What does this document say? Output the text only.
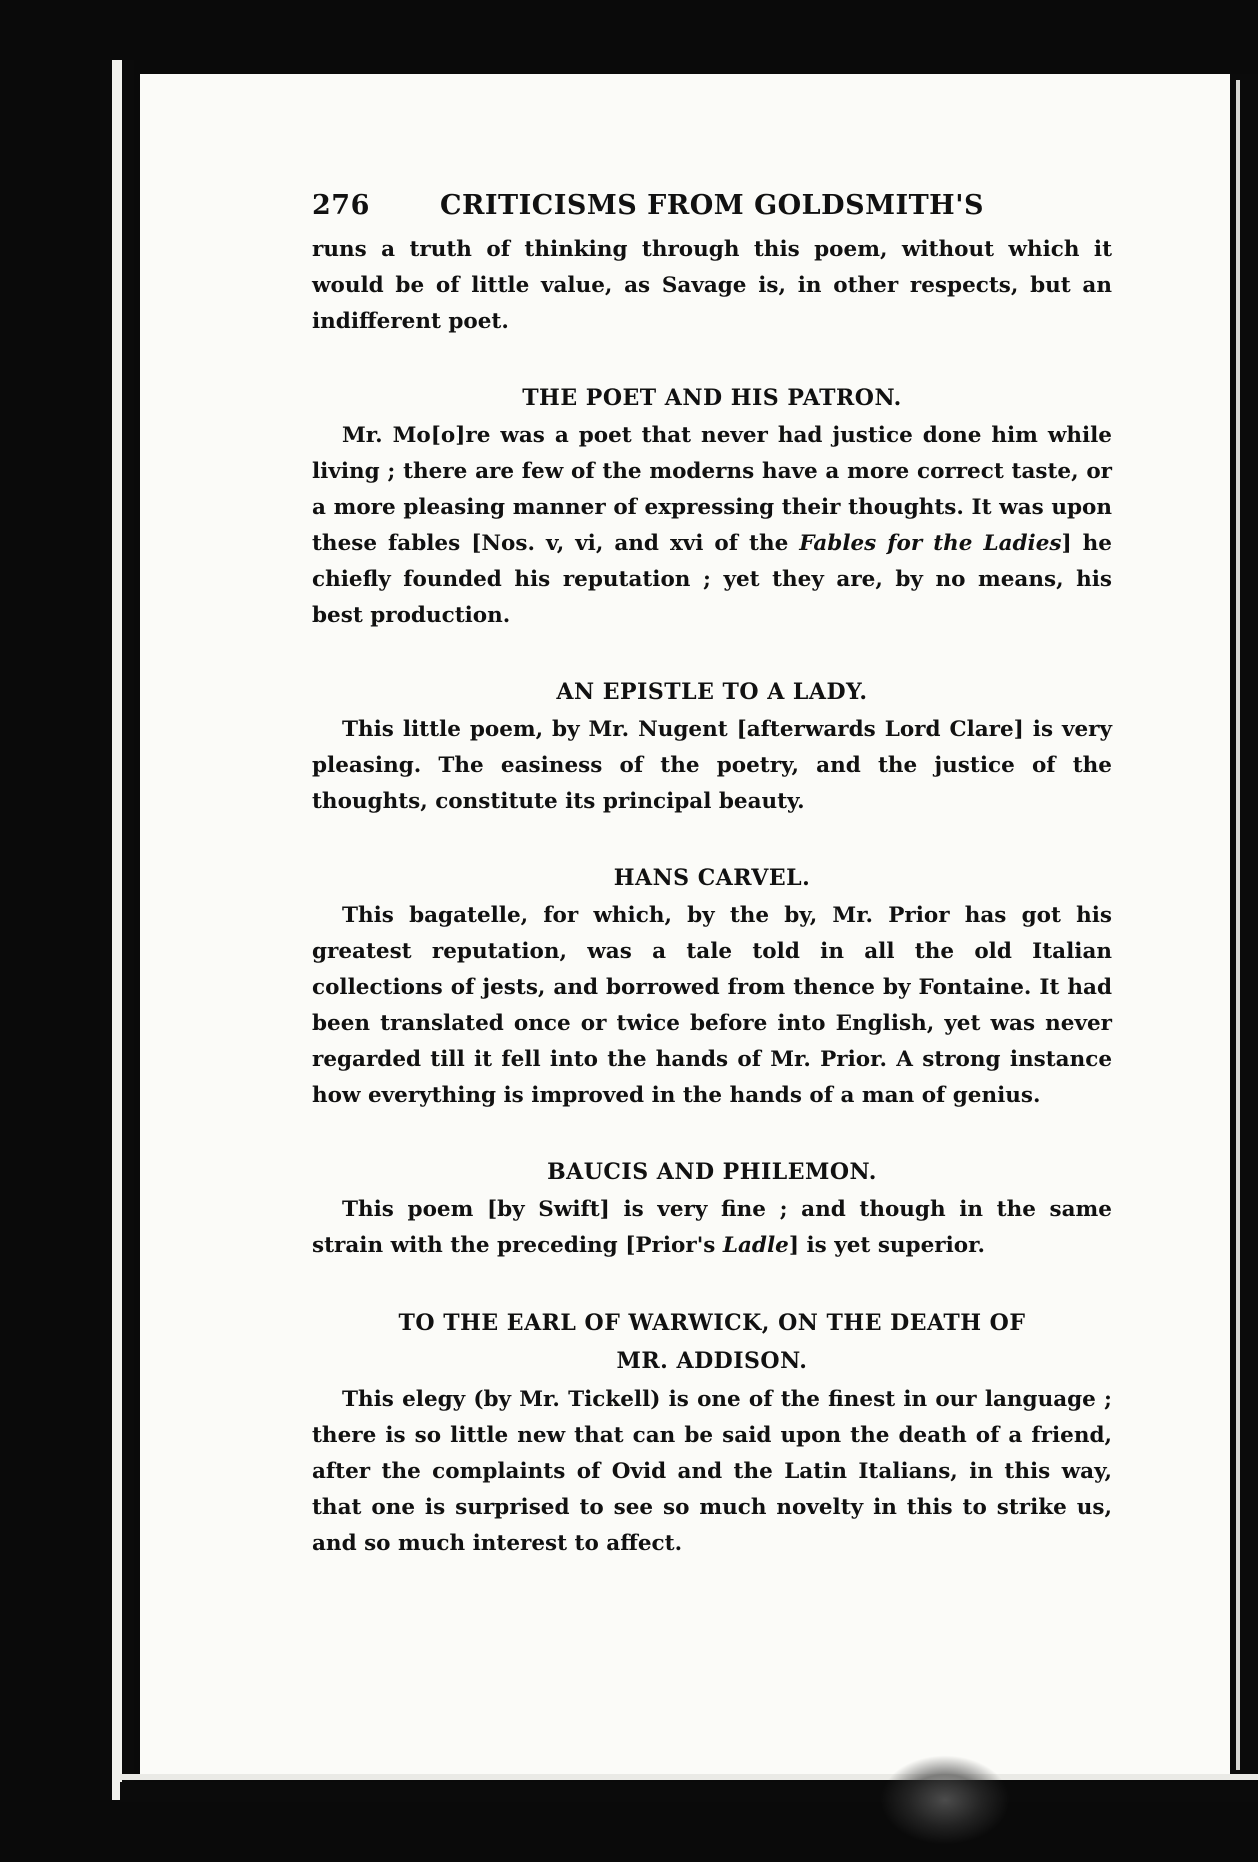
276	CRITICISMS FROM GOLDSMITH'S

runs a truth of thinking through this poem, without which it would be of little value, as Savage is, in other respects, but an indifferent poet.

THE POET AND HIS PATRON.

Mr. Mo[o]re was a poet that never had justice done him while living ; there are few of the moderns have a more correct taste, or a more pleasing manner of expressing their thoughts. It was upon these fables [Nos. v, vi, and xvi of the Fables for the Ladies] he chiefly founded his reputation ; yet they are, by no means, his best production.

AN EPISTLE TO A LADY.

This little poem, by Mr. Nugent [afterwards Lord Clare] is very pleasing. The easiness of the poetry, and the justice of the thoughts, constitute its principal beauty.

HANS CARVEL.

This bagatelle, for which, by the by, Mr. Prior has got his greatest reputation, was a tale told in all the old Italian collections of jests, and borrowed from thence by Fontaine. It had been translated once or twice before into English, yet was never regarded till it fell into the hands of Mr. Prior. A strong instance how everything is improved in the hands of a man of genius.

BAUCIS AND PHILEMON.

This poem [by Swift] is very fine ; and though in the same strain with the preceding [Prior's Ladle] is yet superior.

TO THE EARL OF WARWICK, ON THE DEATH OF
MR. ADDISON.

This elegy (by Mr. Tickell) is one of the finest in our language ; there is so little new that can be said upon the death of a friend, after the complaints of Ovid and the Latin Italians, in this way, that one is surprised to see so much novelty in this to strike us, and so much interest to affect.
